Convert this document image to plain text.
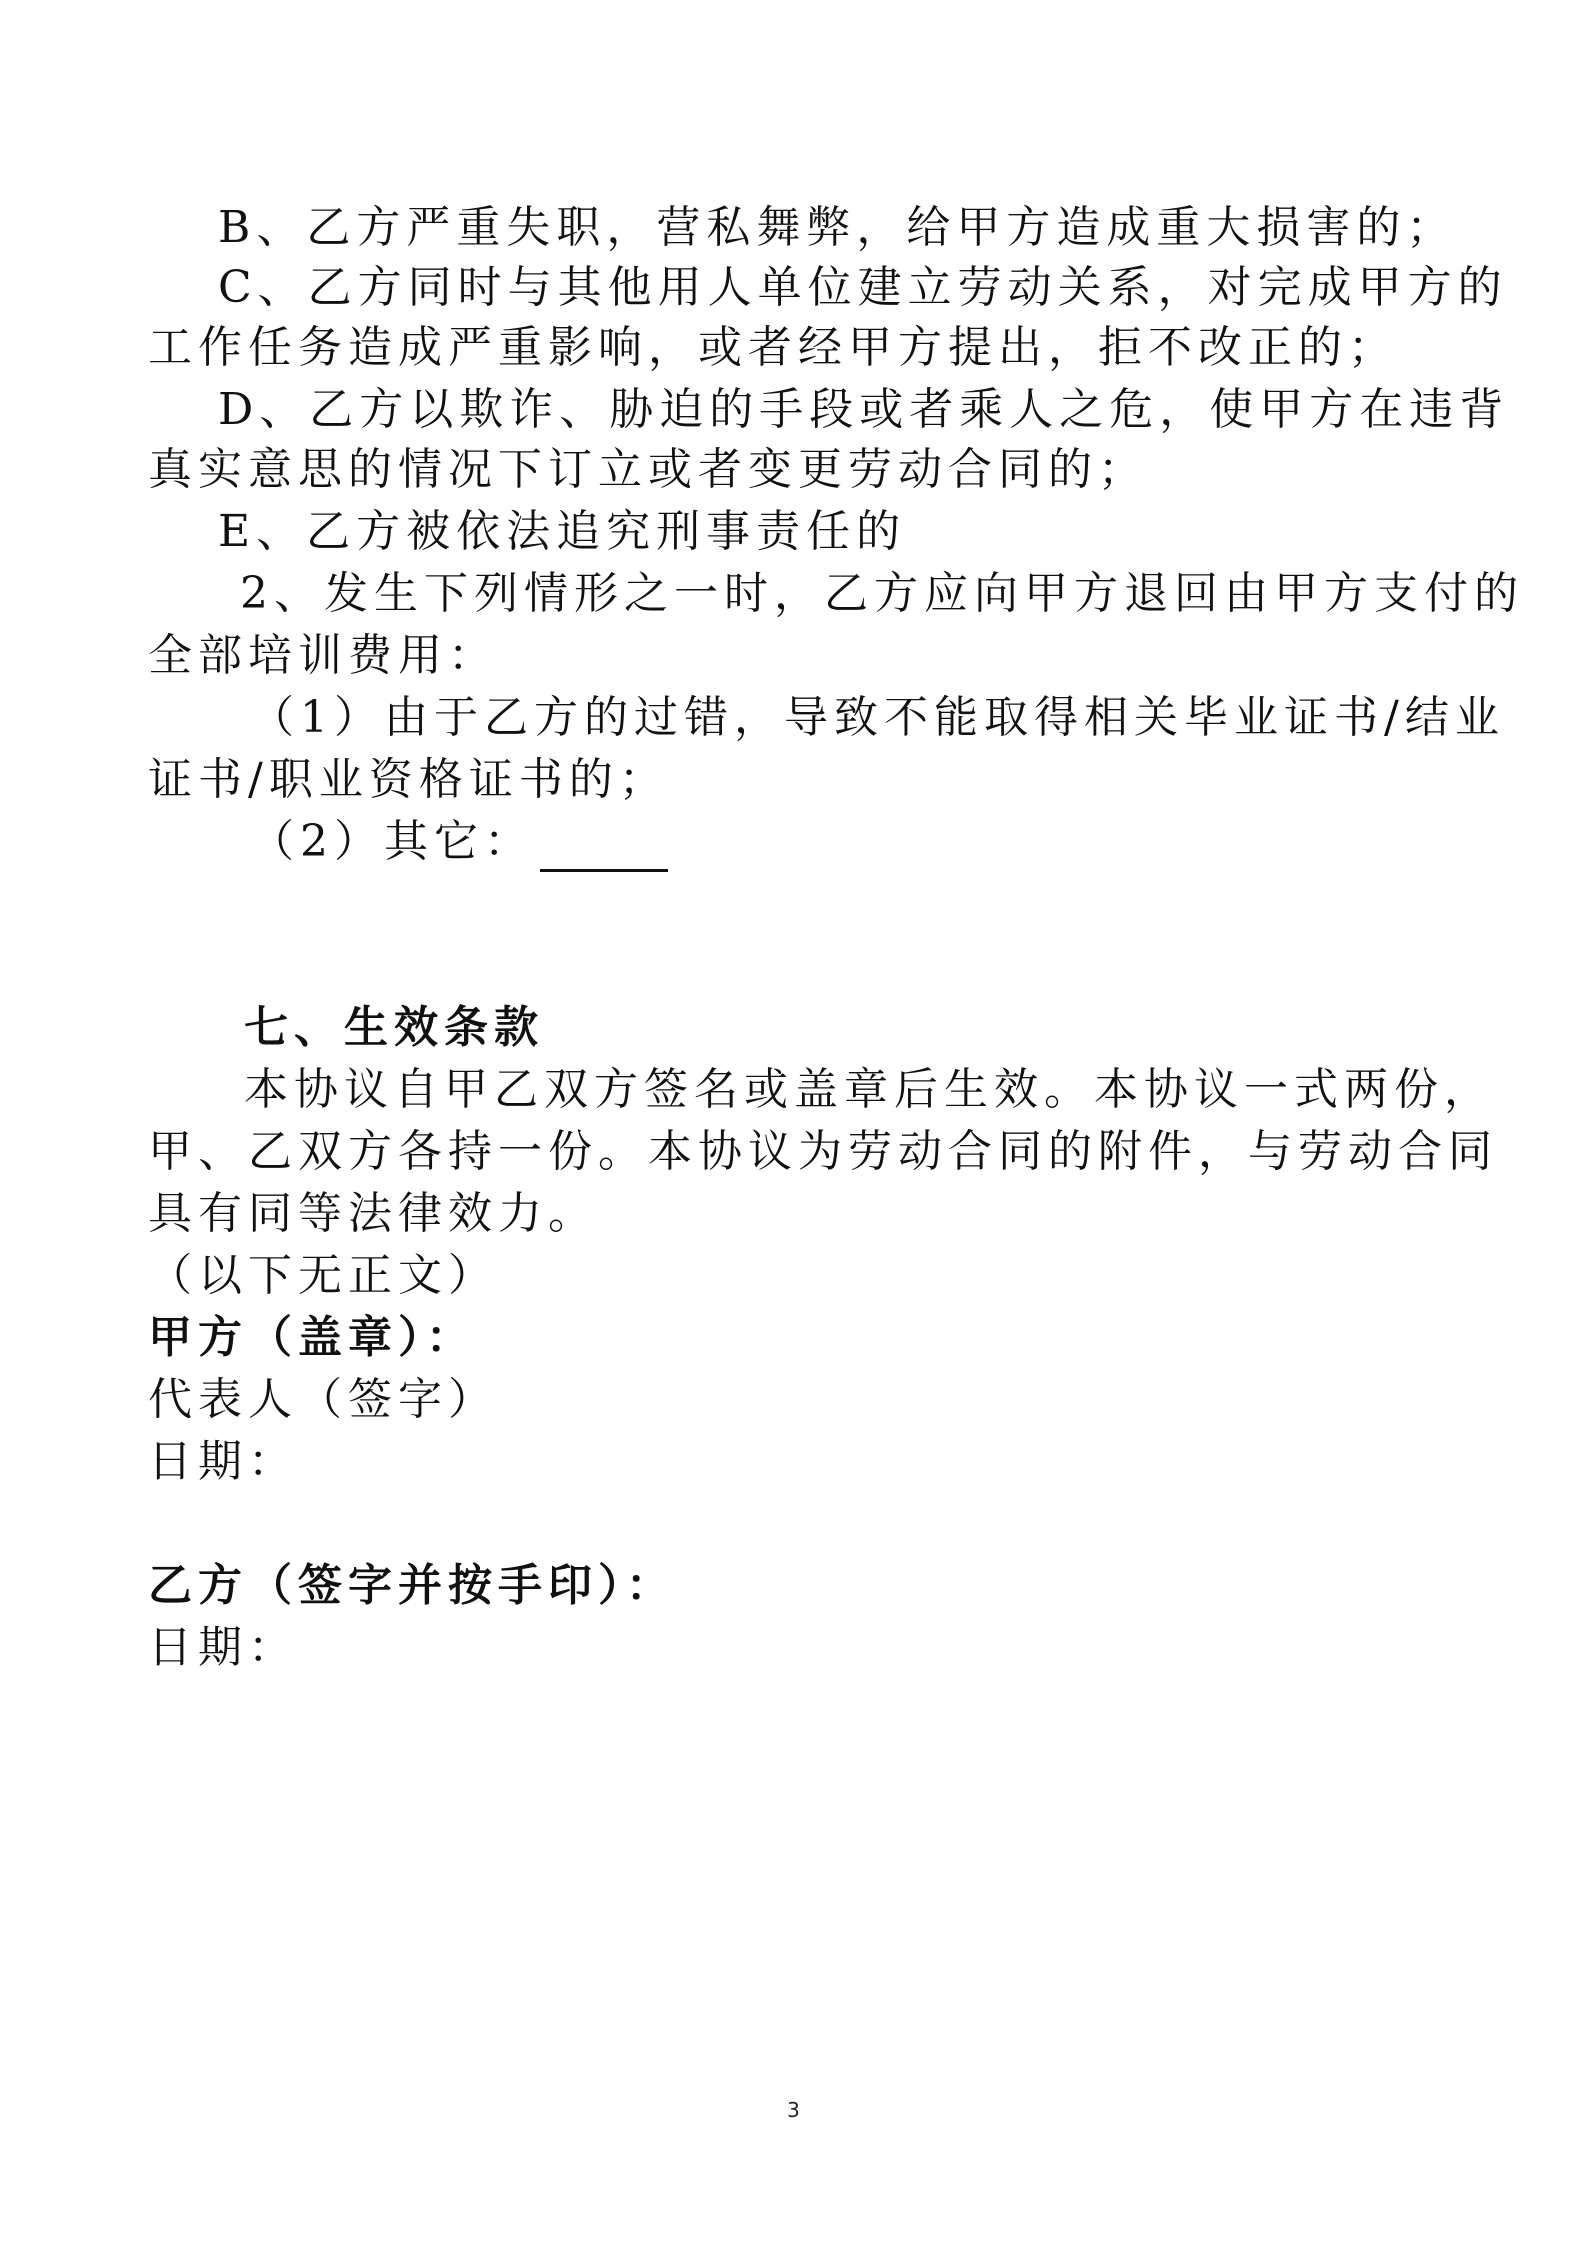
B、乙方严重失职，营私舞弊，给甲方造成重大损害的；
C、乙方同时与其他用人单位建立劳动关系，对完成甲方的
工作任务造成严重影响，或者经甲方提出，拒不改正的；
D、乙方以欺诈、胁迫的手段或者乘人之危，使甲方在违背
真实意思的情况下订立或者变更劳动合同的；
E、乙方被依法追究刑事责任的
2、发生下列情形之一时，乙方应向甲方退回由甲方支付的
全部培训费用：
（1）由于乙方的过错，导致不能取得相关毕业证书/结业
证书/职业资格证书的；
（2）其它：
七、生效条款
本协议自甲乙双方签名或盖章后生效。本协议一式两份，
甲、乙双方各持一份。本协议为劳动合同的附件，与劳动合同
具有同等法律效力。
（以下无正文）
甲方（盖章）：
代表人（签字）
日期：
乙方（签字并按手印）：
日期：
3
